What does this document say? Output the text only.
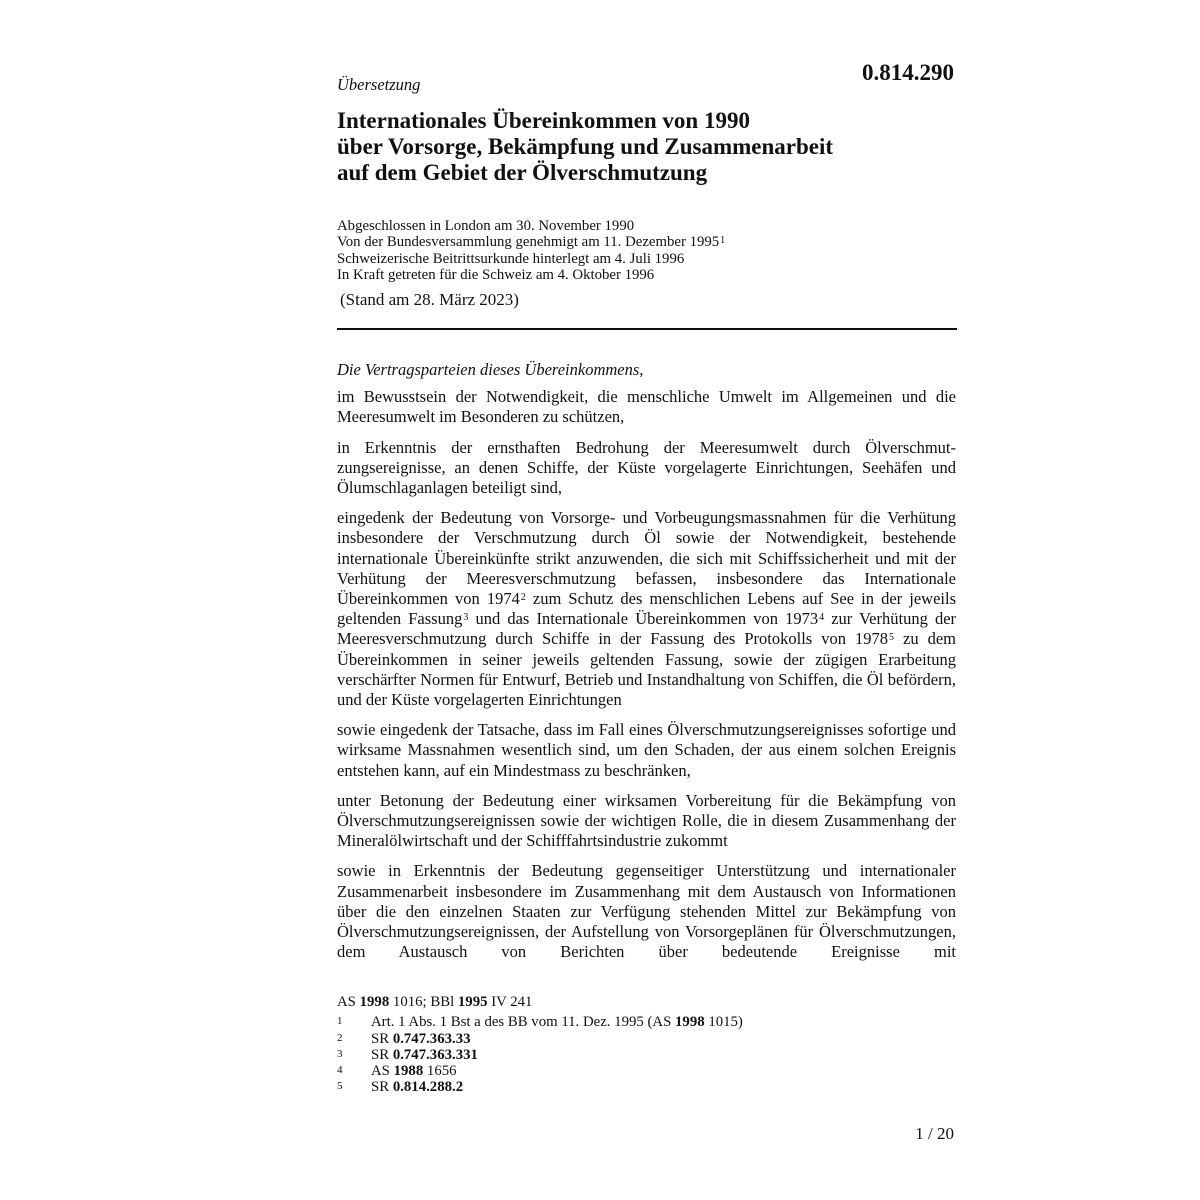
0.814.290
Übersetzung
Internationales Übereinkommen von 1990
über Vorsorge, Bekämpfung und Zusammenarbeit
auf dem Gebiet der Ölverschmutzung
Abgeschlossen in London am 30. November 1990
Von der Bundesversammlung genehmigt am 11. Dezember 1995$^1$
Schweizerische Beitrittsurkunde hinterlegt am 4. Juli 1996
In Kraft getreten für die Schweiz am 4. Oktober 1996
(Stand am 28. März 2023)

Die Vertragsparteien dieses Übereinkommens,

im Bewusstsein der Notwendigkeit, die menschliche Umwelt im Allgemeinen und die Meeresumwelt im Besonderen zu schützen,

in Erkenntnis der ernsthaften Bedrohung der Meeresumwelt durch Ölverschmutzungsereignisse, an denen Schiffe, der Küste vorgelagerte Einrichtungen, Seehäfen und Ölumschlaganlagen beteiligt sind,

eingedenk der Bedeutung von Vorsorge- und Vorbeugungsmassnahmen für die Verhütung insbesondere der Verschmutzung durch Öl sowie der Notwendigkeit, bestehende internationale Übereinkünfte strikt anzuwenden, die sich mit Schiffssicherheit und mit der Verhütung der Meeresverschmutzung befassen, insbesondere das Internationale Übereinkommen von 1974$^2$ zum Schutz des menschlichen Lebens auf See in der jeweils geltenden Fassung$^3$ und das Internationale Übereinkommen von 1973$^4$ zur Verhütung der Meeresverschmutzung durch Schiffe in der Fassung des Protokolls von 1978$^5$ zu dem Übereinkommen in seiner jeweils geltenden Fassung, sowie der zügigen Erarbeitung verschärfter Normen für Entwurf, Betrieb und Instandhaltung von Schiffen, die Öl befördern, und der Küste vorgelagerten Einrichtungen

sowie eingedenk der Tatsache, dass im Fall eines Ölverschmutzungsereignisses sofortige und wirksame Massnahmen wesentlich sind, um den Schaden, der aus einem solchen Ereignis entstehen kann, auf ein Mindestmass zu beschränken,

unter Betonung der Bedeutung einer wirksamen Vorbereitung für die Bekämpfung von Ölverschmutzungsereignissen sowie der wichtigen Rolle, die in diesem Zusammenhang der Mineralölwirtschaft und der Schifffahrtsindustrie zukommt

sowie in Erkenntnis der Bedeutung gegenseitiger Unterstützung und internationaler Zusammenarbeit insbesondere im Zusammenhang mit dem Austausch von Informationen über die den einzelnen Staaten zur Verfügung stehenden Mittel zur Bekämpfung von Ölverschmutzungsereignissen, der Aufstellung von Vorsorgeplänen für Ölverschmutzungen, dem Austausch von Berichten über bedeutende Ereignisse mit

AS 1998 1016; BBl 1995 IV 241
1	Art. 1 Abs. 1 Bst a des BB vom 11. Dez. 1995 (AS 1998 1015)
2	SR 0.747.363.33
3	SR 0.747.363.331
4	AS 1988 1656
5	SR 0.814.288.2
1 / 20
